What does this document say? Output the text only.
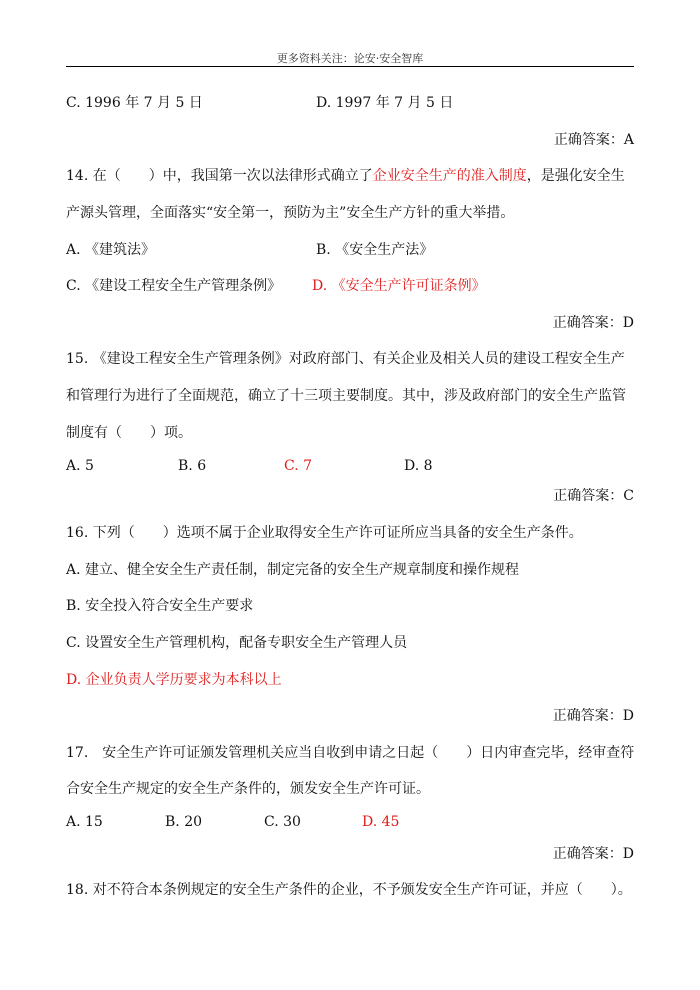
更多资料关注：论安·安全智库
C. 1996 年 7 月 5 日	D. 1997 年 7 月 5 日
正确答案：A
14. 在（　　）中，我国第一次以法律形式确立了企业安全生产的准入制度，是强化安全生
产源头管理，全面落实“安全第一，预防为主”安全生产方针的重大举措。
A. 《建筑法》	B. 《安全生产法》
C. 《建设工程安全生产管理条例》 D. 《安全生产许可证条例》
正确答案：D
15. 《建设工程安全生产管理条例》对政府部门、有关企业及相关人员的建设工程安全生产
和管理行为进行了全面规范，确立了十三项主要制度。其中，涉及政府部门的安全生产监管
制度有（　　）项。
A. 5	B. 6	C. 7	D. 8
正确答案：C
16. 下列（　　）选项不属于企业取得安全生产许可证所应当具备的安全生产条件。
A. 建立、健全安全生产责任制，制定完备的安全生产规章制度和操作规程
B. 安全投入符合安全生产要求
C. 设置安全生产管理机构，配备专职安全生产管理人员
D. 企业负责人学历要求为本科以上
正确答案：D
17.　安全生产许可证颁发管理机关应当自收到申请之日起（　　）日内审查完毕，经审查符
合安全生产规定的安全生产条件的，颁发安全生产许可证。
A. 15	B. 20	C. 30	D. 45
正确答案：D
18. 对不符合本条例规定的安全生产条件的企业，不予颁发安全生产许可证，并应（　　）。
